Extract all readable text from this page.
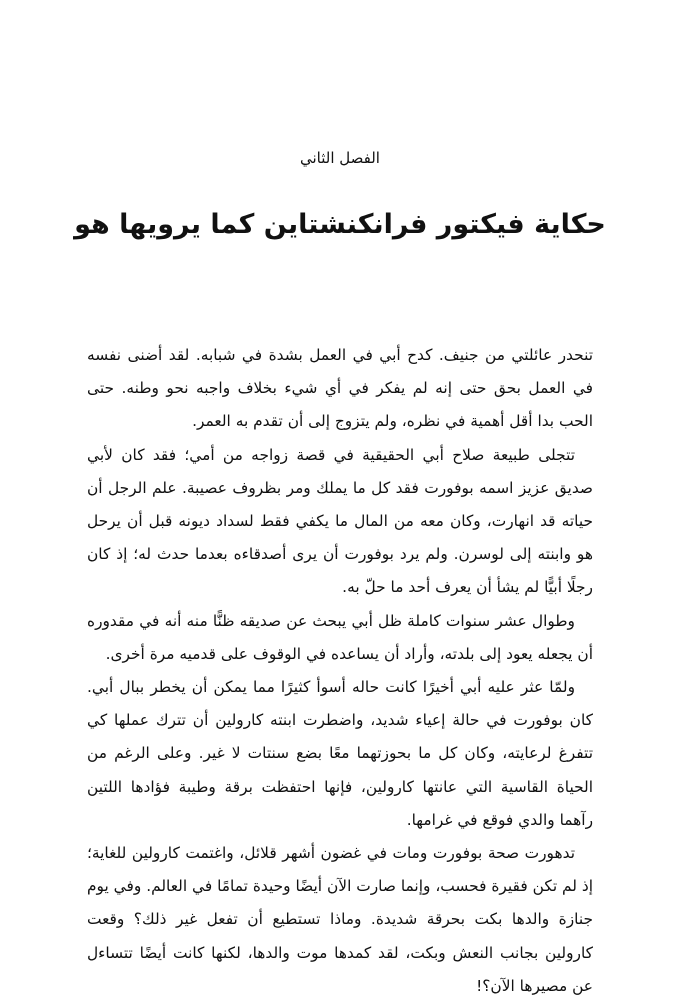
الفصل الثاني
حكاية فيكتور فرانكنشتاين كما يرويها هو

تنحدر عائلتي من جنيف. كدح أبي في العمل بشدة في شبابه. لقد أضنى نفسه في العمل بحق حتى إنه لم يفكر في أي شيء بخلاف واجبه نحو وطنه. حتى الحب بدا أقل أهمية في نظره، ولم يتزوج إلى أن تقدم به العمر.

تتجلى طبيعة صلاح أبي الحقيقية في قصة زواجه من أمي؛ فقد كان لأبي صديق عزيز اسمه بوفورت فقد كل ما يملك ومر بظروف عصيبة. علم الرجل أن حياته قد انهارت، وكان معه من المال ما يكفي فقط لسداد ديونه قبل أن يرحل هو وابنته إلى لوسرن. ولم يرد بوفورت أن يرى أصدقاءه بعدما حدث له؛ إذ كان رجلًا أبيًّا لم يشأ أن يعرف أحد ما حلّ به.

وطوال عشر سنوات كاملة ظل أبي يبحث عن صديقه ظنًّا منه أنه في مقدوره أن يجعله يعود إلى بلدته، وأراد أن يساعده في الوقوف على قدميه مرة أخرى.

ولمّا عثر عليه أبي أخيرًا كانت حاله أسوأ كثيرًا مما يمكن أن يخطر ببال أبي. كان بوفورت في حالة إعياء شديد، واضطرت ابنته كارولين أن تترك عملها كي تتفرغ لرعايته، وكان كل ما بحوزتهما معًا بضع سنتات لا غير. وعلى الرغم من الحياة القاسية التي عانتها كارولين، فإنها احتفظت برقة وطيبة فؤادها اللتين رآهما والدي فوقع في غرامها.

تدهورت صحة بوفورت ومات في غضون أشهر قلائل، واغتمت كارولين للغاية؛ إذ لم تكن فقيرة فحسب، وإنما صارت الآن أيضًا وحيدة تمامًا في العالم. وفي يوم جنازة والدها بكت بحرقة شديدة. وماذا تستطيع أن تفعل غير ذلك؟ وقعت كارولين بجانب النعش وبكت، لقد كمدها موت والدها، لكنها كانت أيضًا تتساءل عن مصيرها الآن؟!
